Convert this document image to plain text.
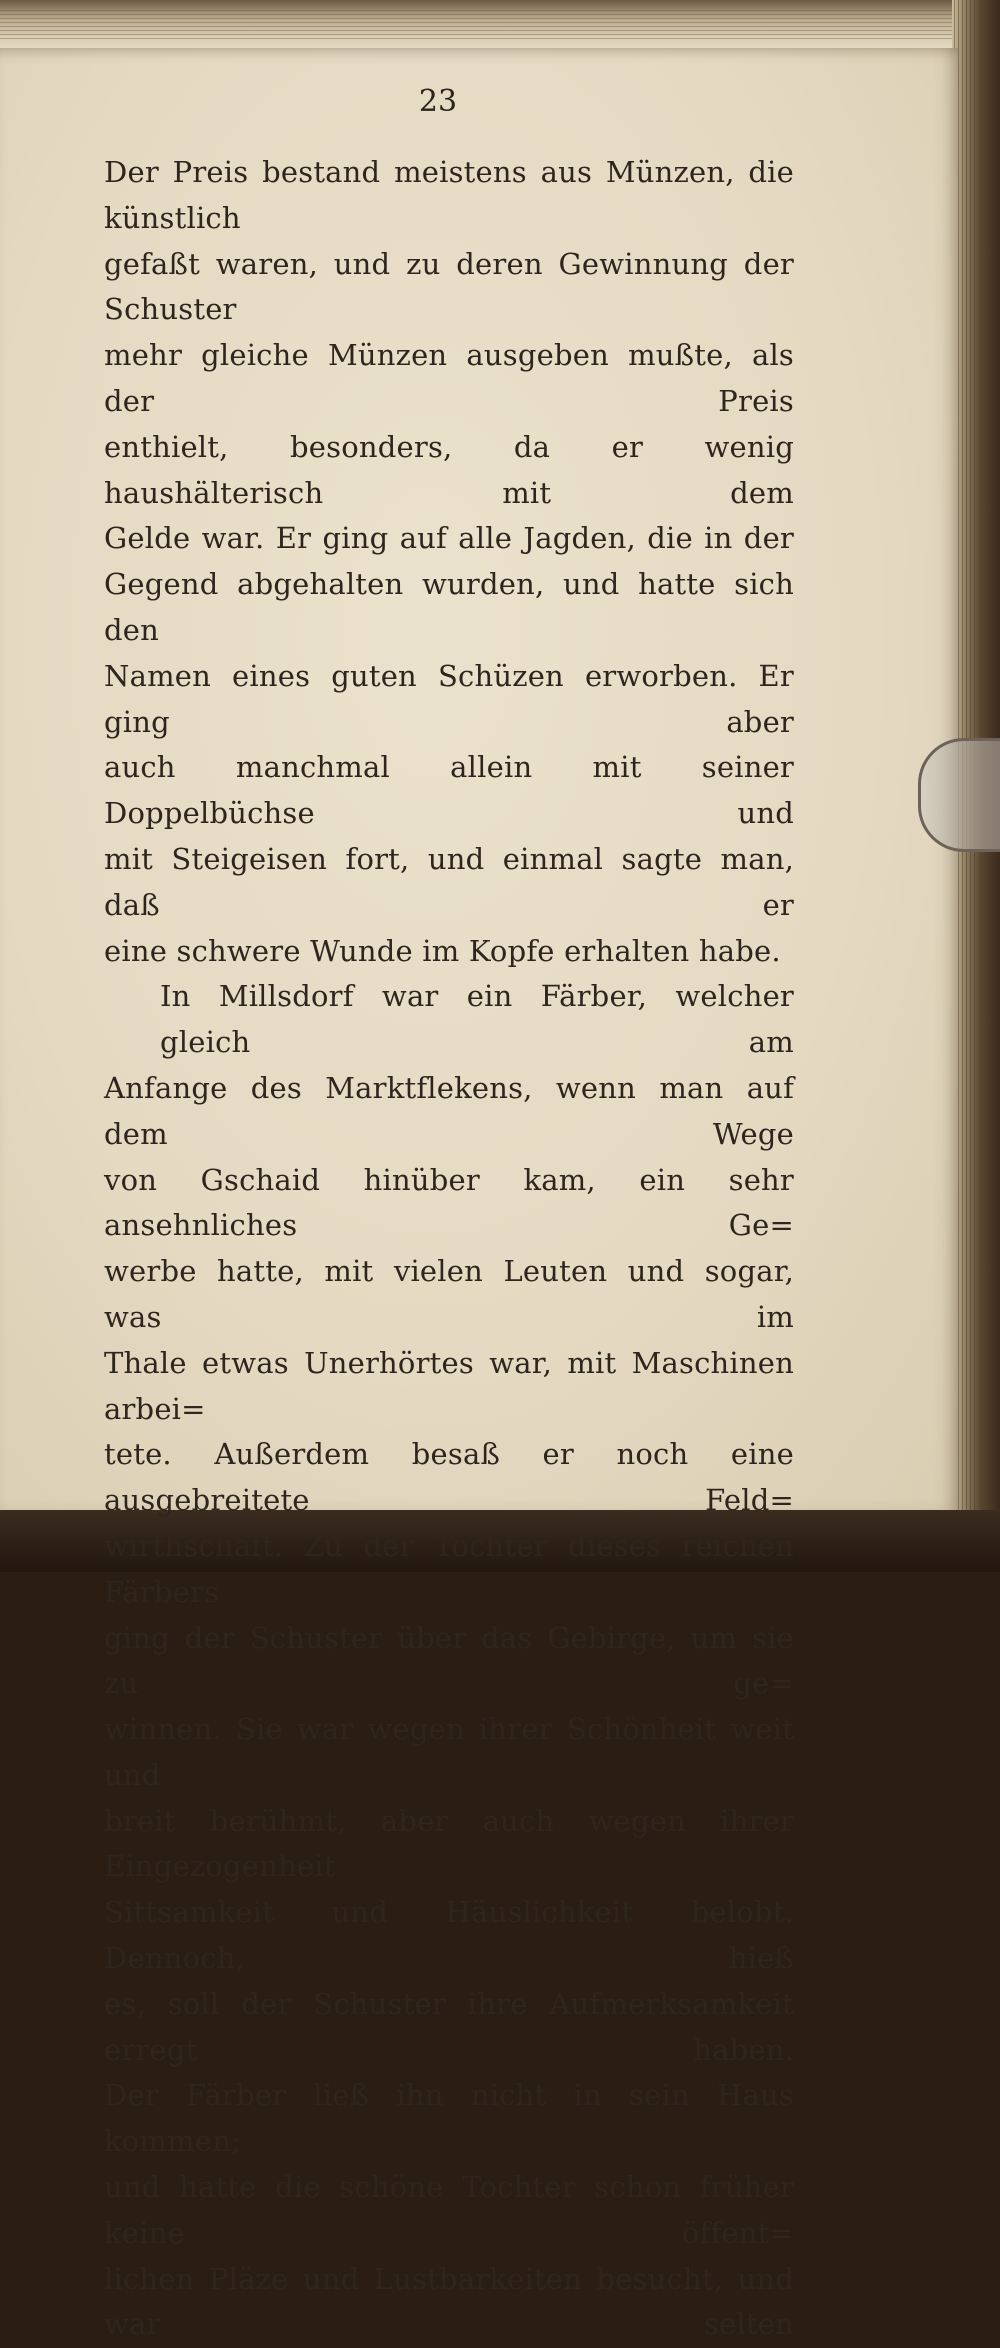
23
Der Preis bestand meistens aus Münzen, die künstlich
gefaßt waren, und zu deren Gewinnung der Schuster
mehr gleiche Münzen ausgeben mußte, als der Preis
enthielt, besonders, da er wenig haushälterisch mit dem
Gelde war. Er ging auf alle Jagden, die in der
Gegend abgehalten wurden, und hatte sich den
Namen eines guten Schüzen erworben. Er ging aber
auch manchmal allein mit seiner Doppelbüchse und
mit Steigeisen fort, und einmal sagte man, daß er
eine schwere Wunde im Kopfe erhalten habe.
In Millsdorf war ein Färber, welcher gleich am
Anfange des Marktflekens, wenn man auf dem Wege
von Gschaid hinüber kam, ein sehr ansehnliches Ge=
werbe hatte, mit vielen Leuten und sogar, was im
Thale etwas Unerhörtes war, mit Maschinen arbei=
tete. Außerdem besaß er noch eine ausgebreitete Feld=
wirthschaft. Zu der Tochter dieses reichen Färbers
ging der Schuster über das Gebirge, um sie zu ge=
winnen. Sie war wegen ihrer Schönheit weit und
breit berühmt, aber auch wegen ihrer Eingezogenheit
Sittsamkeit und Häuslichkeit belobt. Dennoch, hieß
es, soll der Schuster ihre Aufmerksamkeit erregt haben.
Der Färber ließ ihn nicht in sein Haus kommen;
und hatte die schöne Tochter schon früher keine öffent=
lichen Pläze und Lustbarkeiten besucht, und war selten
